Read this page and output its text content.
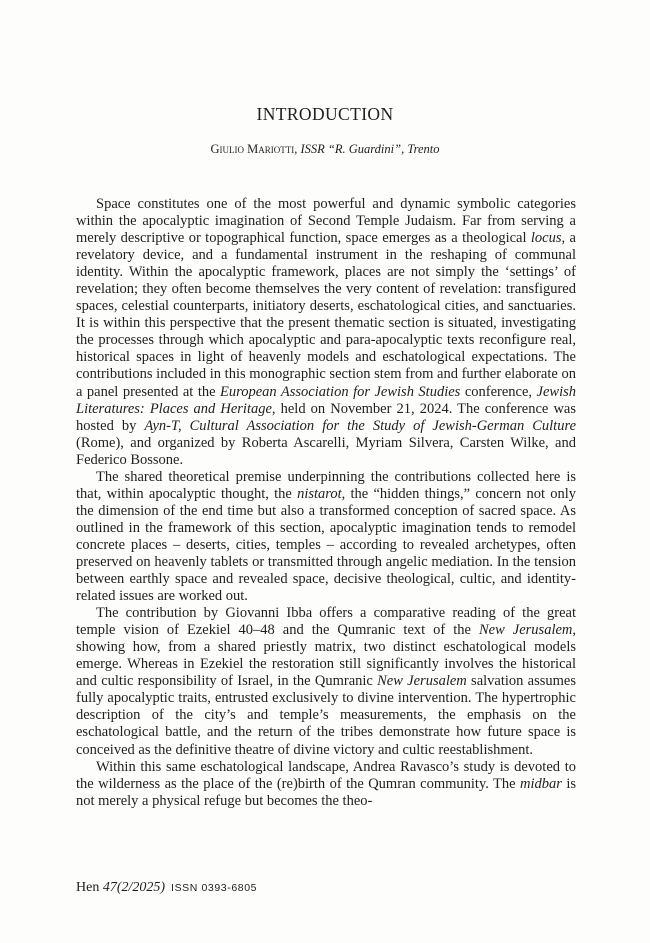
INTRODUCTION
Giulio Mariotti, ISSR “R. Guardini”, Trento

Space constitutes one of the most powerful and dynamic symbolic categories within the apocalyptic imagination of Second Temple Judaism. Far from serving a merely descriptive or topographical function, space emerges as a theological locus, a revelatory device, and a fundamental instrument in the reshaping of communal identity. Within the apocalyptic framework, places are not simply the ‘settings’ of revelation; they often become themselves the very content of revelation: transfigured spaces, celestial counterparts, initiatory deserts, eschatological cities, and sanctuaries. It is within this perspective that the present thematic section is situated, investigating the processes through which apocalyptic and para-apocalyptic texts reconfigure real, historical spaces in light of heavenly models and eschatological expectations. The contributions included in this monographic section stem from and further elaborate on a panel presented at the European Association for Jewish Studies conference, Jewish Literatures: Places and Heritage, held on November 21, 2024. The conference was hosted by Ayn-T, Cultural Association for the Study of Jewish-German Culture (Rome), and organized by Roberta Ascarelli, Myriam Silvera, Carsten Wilke, and Federico Bossone.

The shared theoretical premise underpinning the contributions collected here is that, within apocalyptic thought, the nistarot, the “hidden things,” concern not only the dimension of the end time but also a transformed conception of sacred space. As outlined in the framework of this section, apocalyptic imagination tends to remodel concrete places – deserts, cities, temples – according to revealed archetypes, often preserved on heavenly tablets or transmitted through angelic mediation. In the tension between earthly space and revealed space, decisive theological, cultic, and identity-related issues are worked out.

The contribution by Giovanni Ibba offers a comparative reading of the great temple vision of Ezekiel 40–48 and the Qumranic text of the New Jerusalem, showing how, from a shared priestly matrix, two distinct eschatological models emerge. Whereas in Ezekiel the restoration still significantly involves the historical and cultic responsibility of Israel, in the Qumranic New Jerusalem salvation assumes fully apocalyptic traits, entrusted exclusively to divine intervention. The hypertrophic description of the city’s and temple’s measurements, the emphasis on the eschatological battle, and the return of the tribes demonstrate how future space is conceived as the definitive theatre of divine victory and cultic reestablishment.

Within this same eschatological landscape, Andrea Ravasco’s study is devoted to the wilderness as the place of the (re)birth of the Qumran community. The midbar is not merely a physical refuge but becomes the theo-

Hen 47(2/2025) ISSN 0393-6805
